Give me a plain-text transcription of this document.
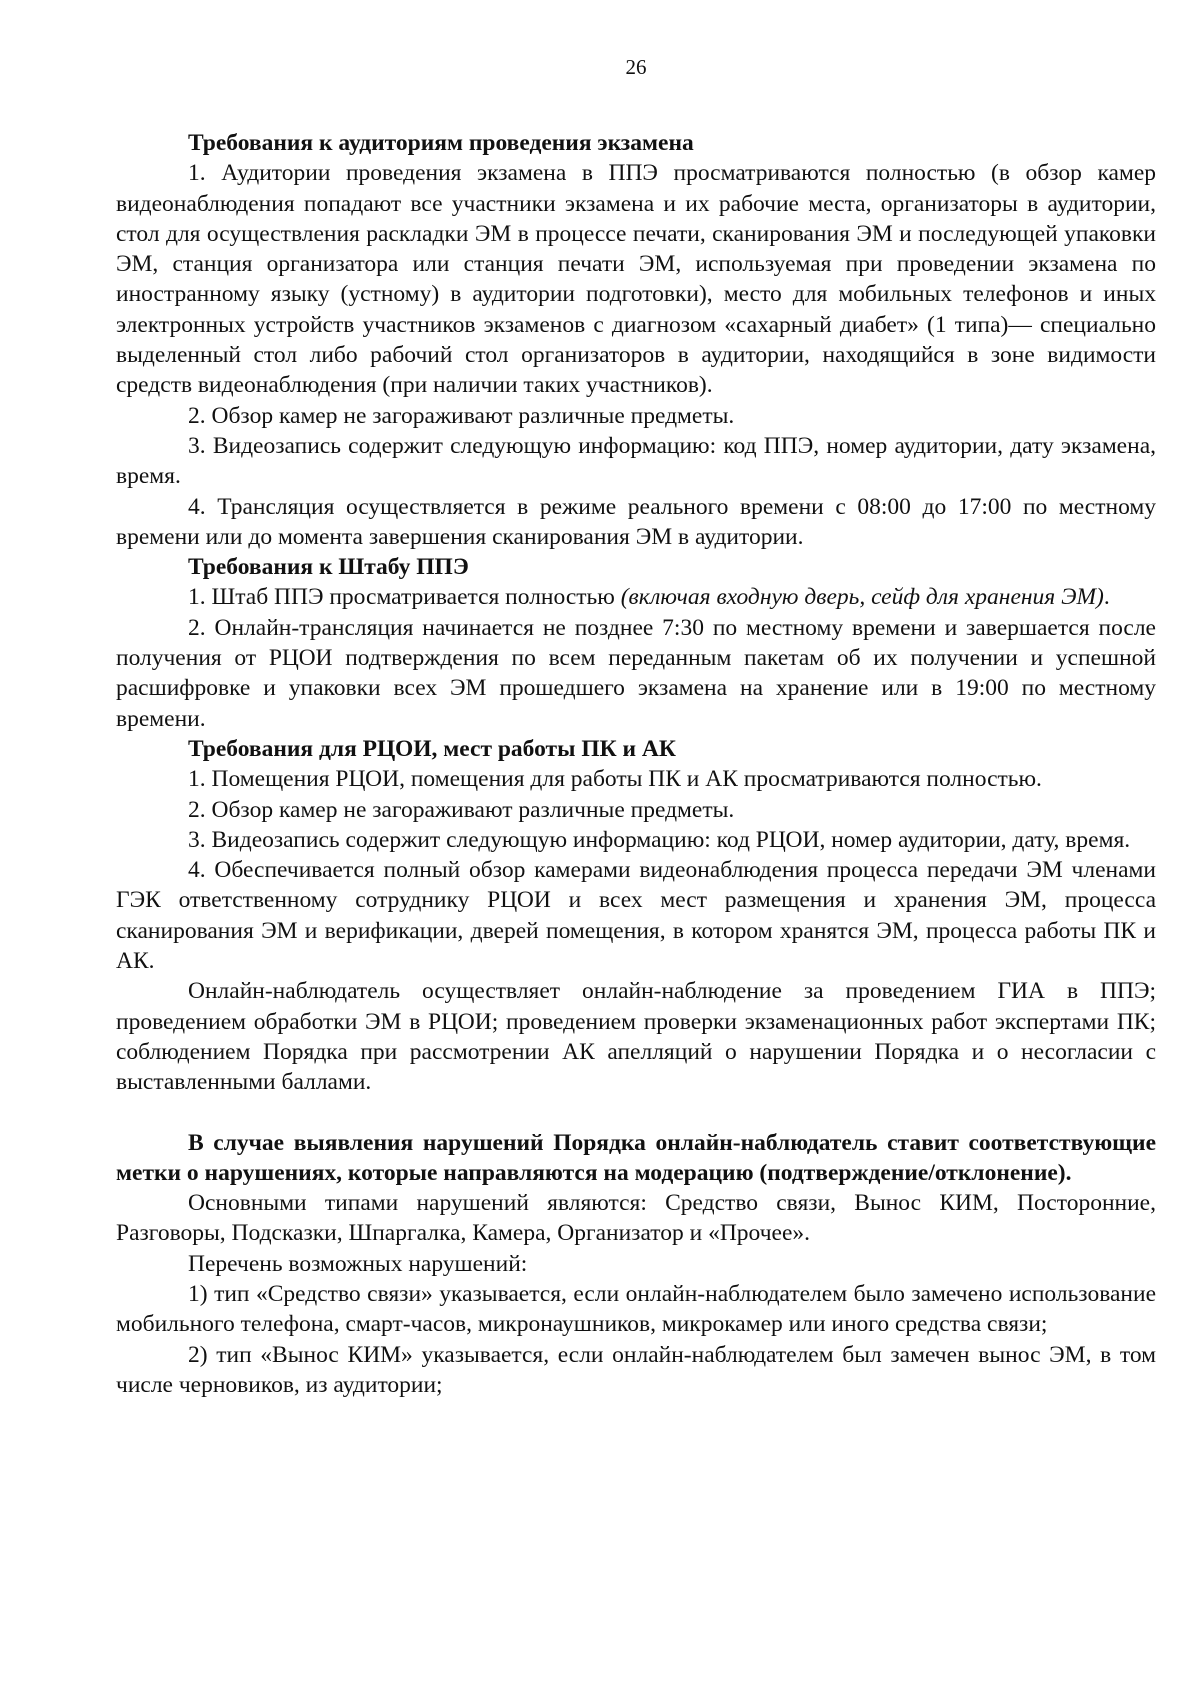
26
Требования к аудиториям проведения экзамена

1. Аудитории проведения экзамена в ППЭ просматриваются полностью (в обзор камер видеонаблюдения попадают все участники экзамена и их рабочие места, организаторы в аудитории, стол для осуществления раскладки ЭМ в процессе печати, сканирования ЭМ и последующей упаковки ЭМ, станция организатора или станция печати ЭМ, используемая при проведении экзамена по иностранному языку (устному) в аудитории подготовки), место для мобильных телефонов и иных электронных устройств участников экзаменов с диагнозом «сахарный диабет» (1 типа)— специально выделенный стол либо рабочий стол организаторов в аудитории, находящийся в зоне видимости средств видеонаблюдения (при наличии таких участников).

2. Обзор камер не загораживают различные предметы.

3. Видеозапись содержит следующую информацию: код ППЭ, номер аудитории, дату экзамена, время.

4. Трансляция осуществляется в режиме реального времени с 08:00 до 17:00 по местному времени или до момента завершения сканирования ЭМ в аудитории.

Требования к Штабу ППЭ

1. Штаб ППЭ просматривается полностью (включая входную дверь, сейф для хранения ЭМ).

2. Онлайн-трансляция начинается не позднее 7:30 по местному времени и завершается после получения от РЦОИ подтверждения по всем переданным пакетам об их получении и успешной расшифровке и упаковки всех ЭМ прошедшего экзамена на хранение или в 19:00 по местному времени.

Требования для РЦОИ, мест работы ПК и АК

1. Помещения РЦОИ, помещения для работы ПК и АК просматриваются полностью.

2. Обзор камер не загораживают различные предметы.

3. Видеозапись содержит следующую информацию: код РЦОИ, номер аудитории, дату, время.

4. Обеспечивается полный обзор камерами видеонаблюдения процесса передачи ЭМ членами ГЭК ответственному сотруднику РЦОИ и всех мест размещения и хранения ЭМ, процесса сканирования ЭМ и верификации, дверей помещения, в котором хранятся ЭМ, процесса работы ПК и АК.

Онлайн-наблюдатель осуществляет онлайн-наблюдение за проведением ГИА в ППЭ; проведением обработки ЭМ в РЦОИ; проведением проверки экзаменационных работ экспертами ПК; соблюдением Порядка при рассмотрении АК апелляций о нарушении Порядка и о несогласии с выставленными баллами.

В случае выявления нарушений Порядка онлайн-наблюдатель ставит соответствующие метки о нарушениях, которые направляются на модерацию (подтверждение/отклонение).

Основными типами нарушений являются: Средство связи, Вынос КИМ, Посторонние, Разговоры, Подсказки, Шпаргалка, Камера, Организатор и «Прочее».

Перечень возможных нарушений:

1) тип «Средство связи» указывается, если онлайн-наблюдателем было замечено использование мобильного телефона, смарт-часов, микронаушников, микрокамер или иного средства связи;

2) тип «Вынос КИМ» указывается, если онлайн-наблюдателем был замечен вынос ЭМ, в том числе черновиков, из аудитории;
